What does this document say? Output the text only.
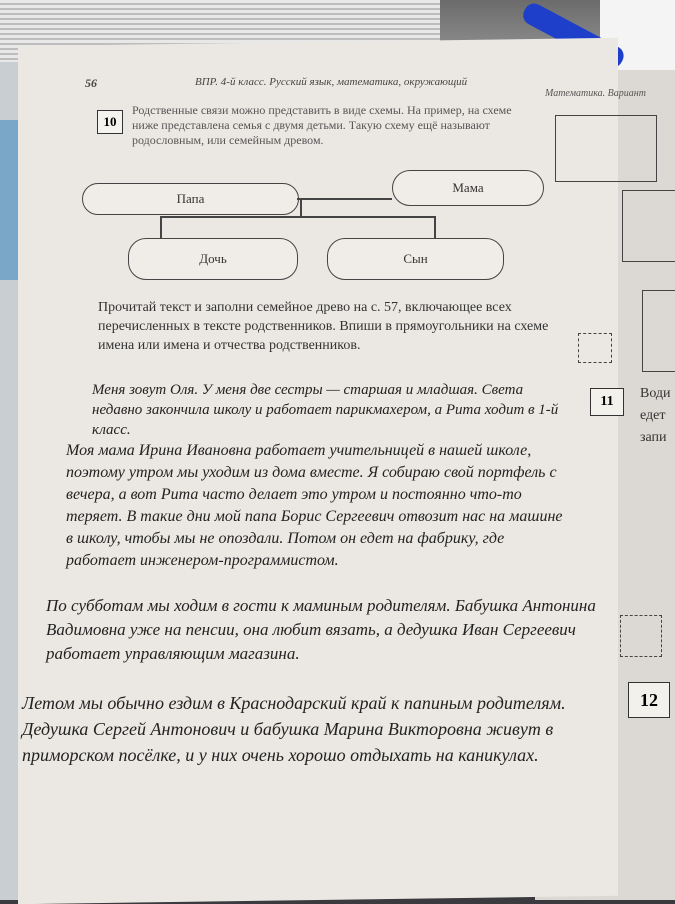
56	ВПР. 4-й класс. Русский язык, математика, окружающий
10
Родственные связи можно представить в виде схемы. На пример, на схеме ниже представлена семья с двумя детьми. Такую схему ещё называют родословным, или семейным древом.
Папа
Мама
Дочь	Сын
Прочитай текст и заполни семейное древо на с. 57, включающее всех перечисленных в тексте родственников. Впиши в прямоугольники на схеме имена или имена и отчества родственников.
Меня зовут Оля. У меня две сестры — старшая и младшая. Света недавно закончила школу и работает парикмахером, а Рита ходит в 1-й класс.
Моя мама Ирина Ивановна работает учительницей в нашей школе, поэтому утром мы уходим из дома вместе. Я собираю свой портфель с вечера, а вот Рита часто делает это утром и постоянно что-то теряет. В такие дни мой папа Борис Сергеевич отвозит нас на машине в школу, чтобы мы не опоздали. Потом он едет на фабрику, где работает инженером-программистом.
По субботам мы ходим в гости к маминым родителям. Бабушка Антонина Вадимовна уже на пенсии, она любит вязать, а дедушка Иван Сергеевич работает управляющим магазина.
Летом мы обычно ездим в Краснодарский край к папиным родителям. Дедушка Сергей Антонович и бабушка Марина Викторовна живут в приморском посёлке, и у них очень хорошо отдыхать на каникулах.
Математика. Вариант
11
Води
едет
запи
12
